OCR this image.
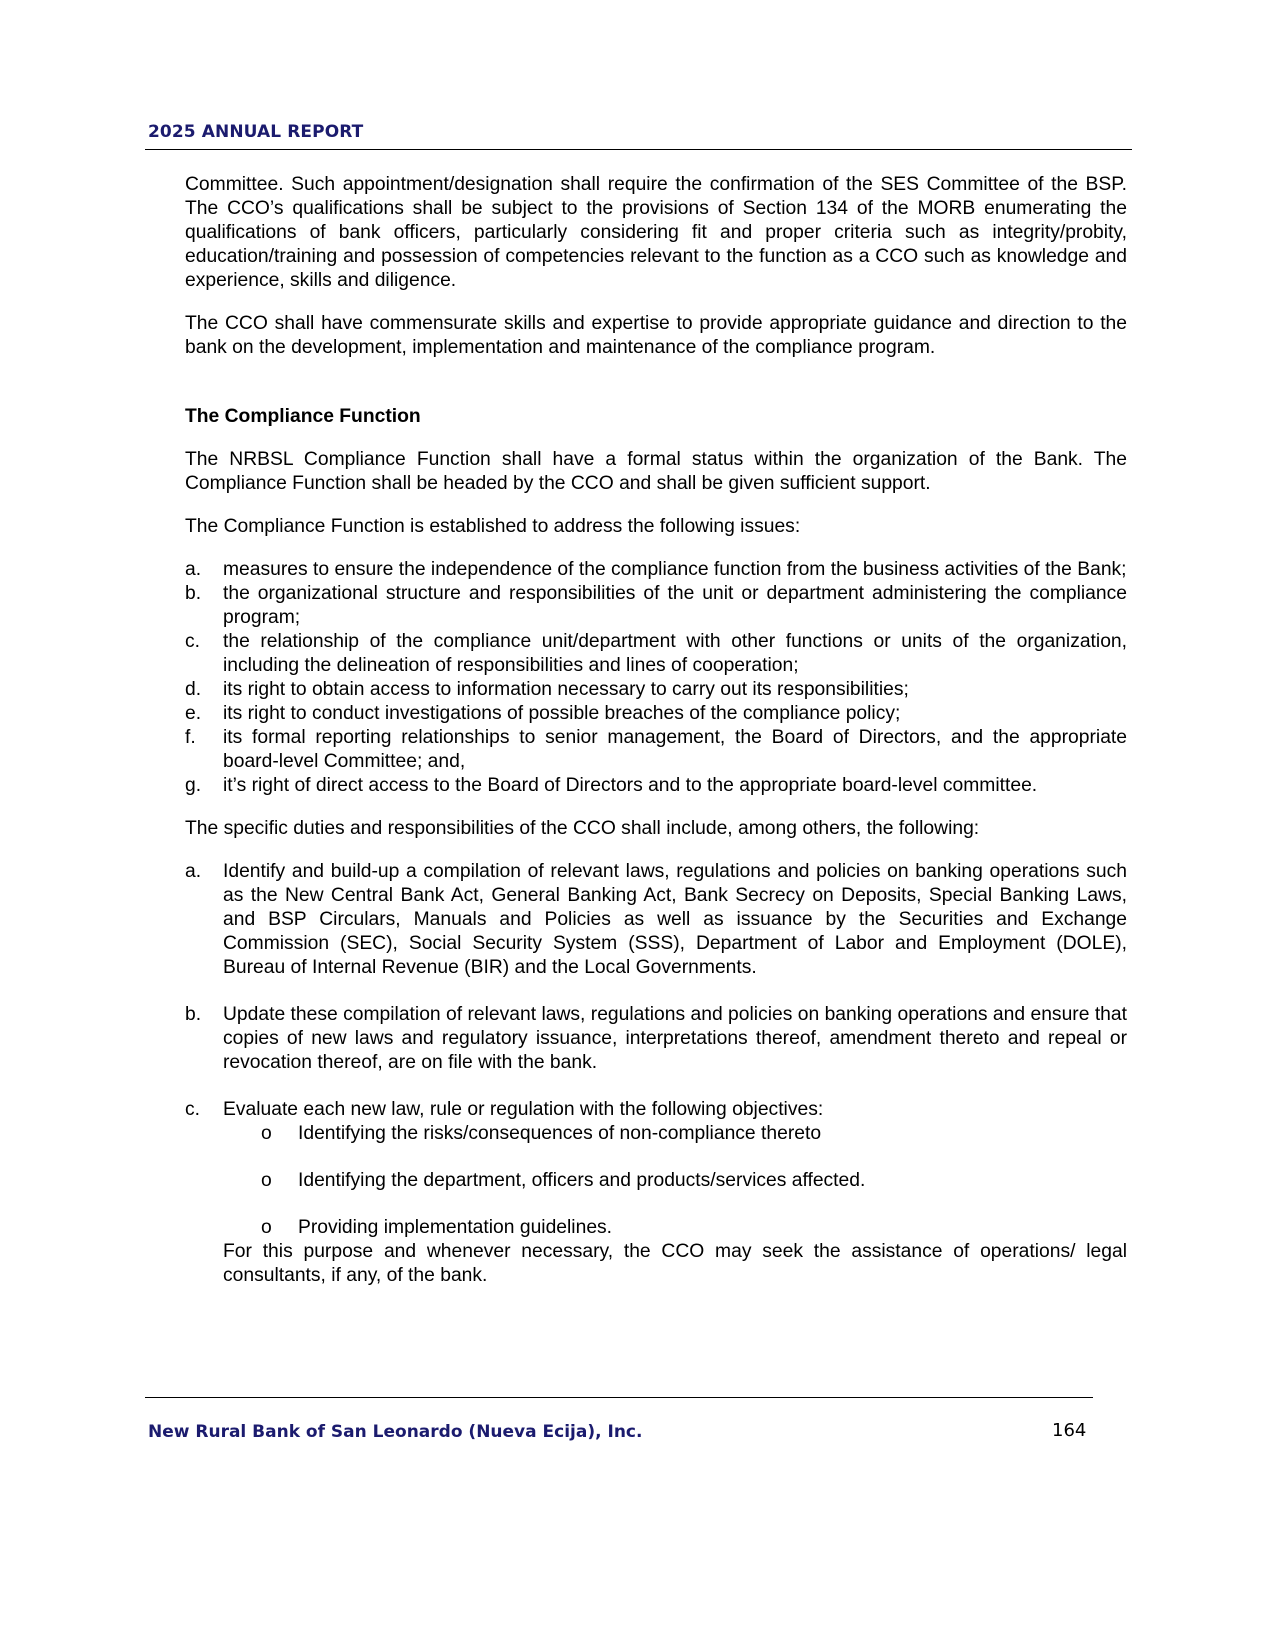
2025 ANNUAL REPORT

Committee. Such appointment/designation shall require the confirmation of the SES Committee of the BSP. The CCO’s qualifications shall be subject to the provisions of Section 134 of the MORB enumerating the qualifications of bank officers, particularly considering fit and proper criteria such as integrity/probity, education/training and possession of competencies relevant to the function as a CCO such as knowledge and experience, skills and diligence.

The CCO shall have commensurate skills and expertise to provide appropriate guidance and direction to the bank on the development, implementation and maintenance of the compliance program.

The Compliance Function

The NRBSL Compliance Function shall have a formal status within the organization of the Bank. The Compliance Function shall be headed by the CCO and shall be given sufficient support.

The Compliance Function is established to address the following issues:

a. measures to ensure the independence of the compliance function from the business activities of the Bank;
b. the organizational structure and responsibilities of the unit or department administering the compliance program;
c. the relationship of the compliance unit/department with other functions or units of the organization, including the delineation of responsibilities and lines of cooperation;
d. its right to obtain access to information necessary to carry out its responsibilities;
e. its right to conduct investigations of possible breaches of the compliance policy;
f. its formal reporting relationships to senior management, the Board of Directors, and the appropriate board-level Committee; and,
g. it’s right of direct access to the Board of Directors and to the appropriate board-level committee.

The specific duties and responsibilities of the CCO shall include, among others, the following:

a. Identify and build-up a compilation of relevant laws, regulations and policies on banking operations such as the New Central Bank Act, General Banking Act, Bank Secrecy on Deposits, Special Banking Laws, and BSP Circulars, Manuals and Policies as well as issuance by the Securities and Exchange Commission (SEC), Social Security System (SSS), Department of Labor and Employment (DOLE), Bureau of Internal Revenue (BIR) and the Local Governments.
b. Update these compilation of relevant laws, regulations and policies on banking operations and ensure that copies of new laws and regulatory issuance, interpretations thereof, amendment thereto and repeal or revocation thereof, are on file with the bank.
c. Evaluate each new law, rule or regulation with the following objectives:
o Identifying the risks/consequences of non-compliance thereto
o Identifying the department, officers and products/services affected.
o Providing implementation guidelines.
For this purpose and whenever necessary, the CCO may seek the assistance of operations/ legal consultants, if any, of the bank.
New Rural Bank of San Leonardo (Nueva Ecija), Inc.	164
